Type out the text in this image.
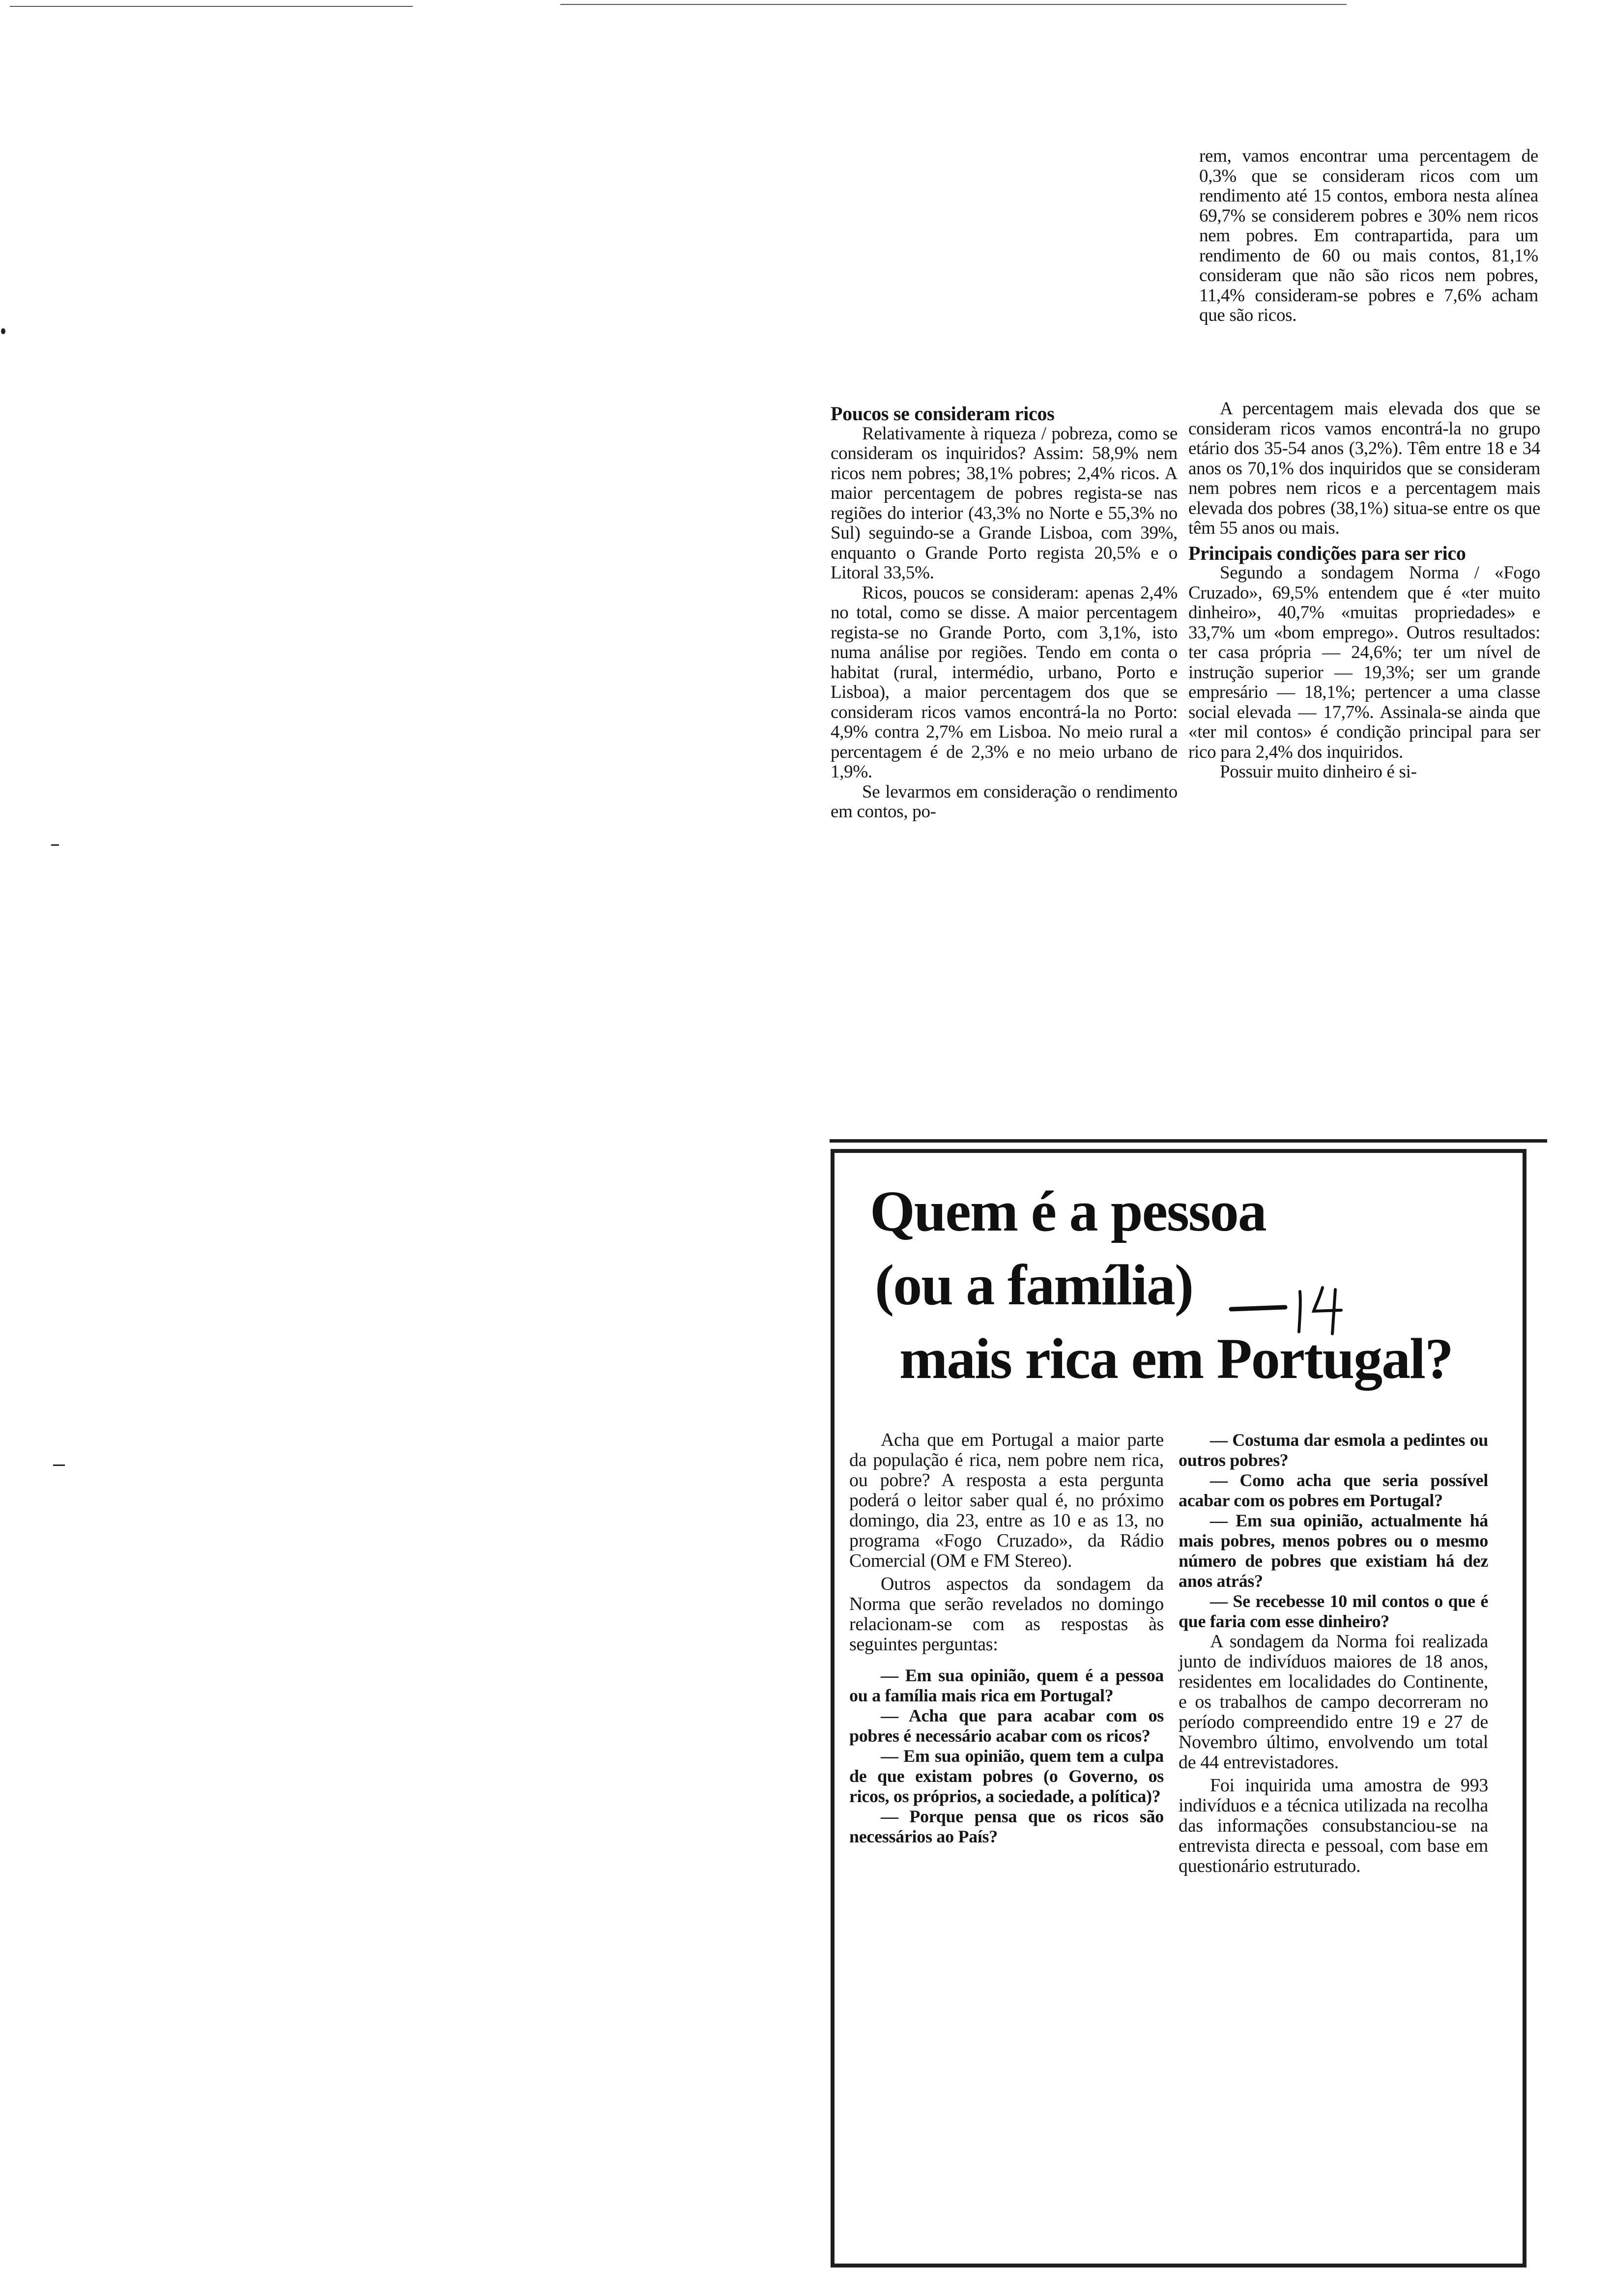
rem, vamos encontrar uma percentagem de 0,3% que se consideram ricos com um rendimento até 15 contos, embora nesta alínea 69,7% se considerem pobres e 30% nem ricos nem pobres. Em contrapartida, para um rendimento de 60 ou mais contos, 81,1% consideram que não são ricos nem pobres, 11,4% consideram-se pobres e 7,6% acham que são ricos.

Poucos se consideram ricos

Relativamente à riqueza / pobreza, como se consideram os inquiridos? Assim: 58,9% nem ricos nem pobres; 38,1% pobres; 2,4% ricos. A maior percentagem de pobres regista-se nas regiões do interior (43,3% no Norte e 55,3% no Sul) seguindo-se a Grande Lisboa, com 39%, enquanto o Grande Porto regista 20,5% e o Litoral 33,5%.

Ricos, poucos se consideram: apenas 2,4% no total, como se disse. A maior percentagem regista-se no Grande Porto, com 3,1%, isto numa análise por regiões. Tendo em conta o habitat (rural, intermédio, urbano, Porto e Lisboa), a maior percentagem dos que se consideram ricos vamos encontrá-la no Porto: 4,9% contra 2,7% em Lisboa. No meio rural a percentagem é de 2,3% e no meio urbano de 1,9%.

Se levarmos em consideração o rendimento em contos, po-

A percentagem mais elevada dos que se consideram ricos vamos encontrá-la no grupo etário dos 35-54 anos (3,2%). Têm entre 18 e 34 anos os 70,1% dos inquiridos que se consideram nem pobres nem ricos e a percentagem mais elevada dos pobres (38,1%) situa-se entre os que têm 55 anos ou mais.

Principais condições para ser rico

Segundo a sondagem Norma / «Fogo Cruzado», 69,5% entendem que é «ter muito dinheiro», 40,7% «muitas propriedades» e 33,7% um «bom emprego». Outros resultados: ter casa própria — 24,6%; ter um nível de instrução superior — 19,3%; ser um grande empresário — 18,1%; pertencer a uma classe social elevada — 17,7%. Assinala-se ainda que «ter mil contos» é condição principal para ser rico para 2,4% dos inquiridos.

Possuir muito dinheiro é si-

Quem é a pessoa
(ou a família)
mais rica em Portugal?
14

Acha que em Portugal a maior parte da população é rica, nem pobre nem rica, ou pobre? A resposta a esta pergunta poderá o leitor saber qual é, no próximo domingo, dia 23, entre as 10 e as 13, no programa «Fogo Cruzado», da Rádio Comercial (OM e FM Stereo).

Outros aspectos da sondagem da Norma que serão revelados no domingo relacionam-se com as respostas às seguintes perguntas:

— Em sua opinião, quem é a pessoa ou a família mais rica em Portugal?

— Acha que para acabar com os pobres é necessário acabar com os ricos?

— Em sua opinião, quem tem a culpa de que existam pobres (o Governo, os ricos, os próprios, a sociedade, a política)?

— Porque pensa que os ricos são necessários ao País?

— Costuma dar esmola a pedintes ou outros pobres?

— Como acha que seria possível acabar com os pobres em Portugal?

— Em sua opinião, actualmente há mais pobres, menos pobres ou o mesmo número de pobres que existiam há dez anos atrás?

— Se recebesse 10 mil contos o que é que faria com esse dinheiro?

A sondagem da Norma foi realizada junto de indivíduos maiores de 18 anos, residentes em localidades do Continente, e os trabalhos de campo decorreram no período compreendido entre 19 e 27 de Novembro último, envolvendo um total de 44 entrevistadores.

Foi inquirida uma amostra de 993 indivíduos e a técnica utilizada na recolha das informações consubstanciou-se na entrevista directa e pessoal, com base em questionário estruturado.
